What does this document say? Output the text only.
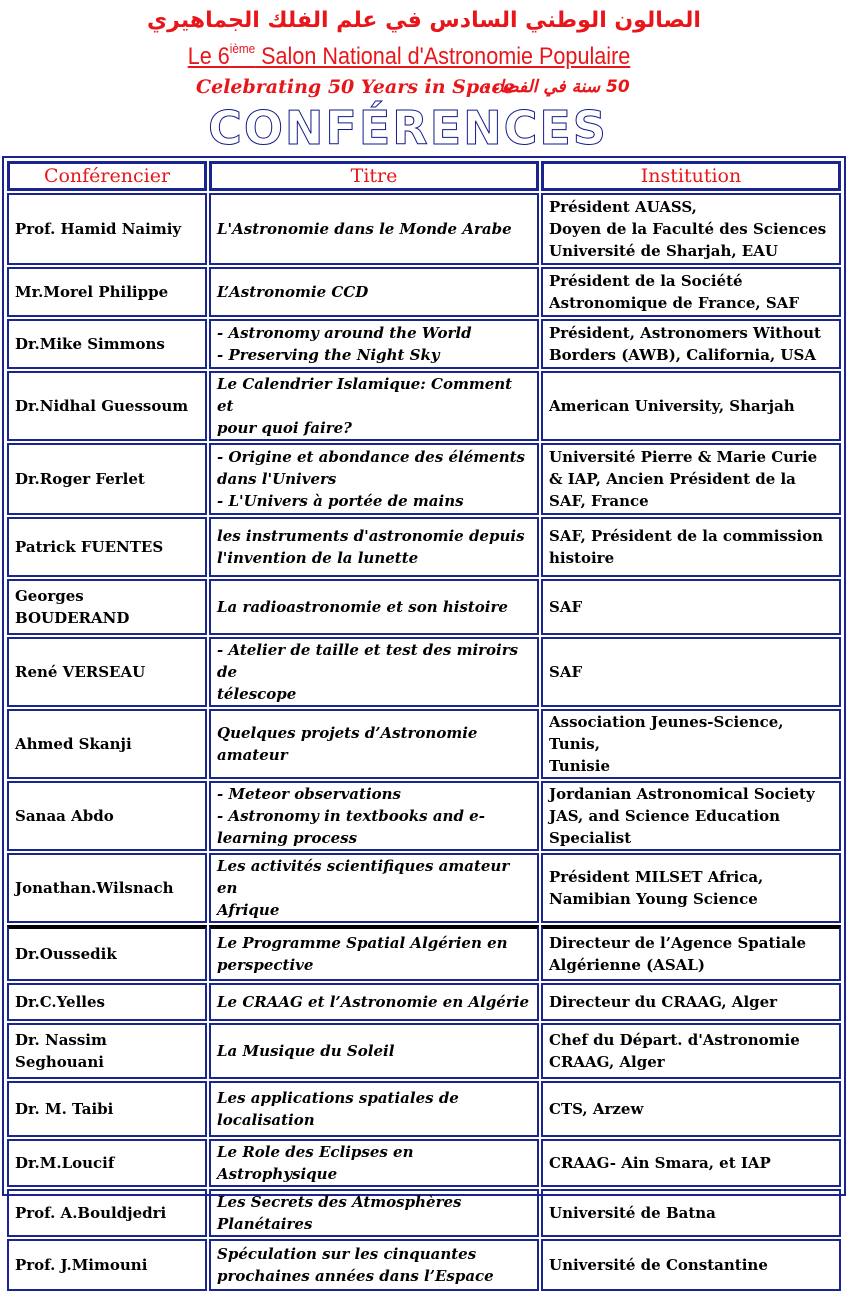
الصالون الوطني السادس في علم الفلك الجماهيري
Le 6ième Salon National d'Astronomie Populaire
Celebrating 50 Years in Space
50 سنة في الفضاء-
CONFÉRENCES
Conférencier	Titre	Institution
Prof. Hamid Naimiy	L'Astronomie dans le Monde Arabe	Président AUASS,
Doyen de la Faculté des Sciences
Université de Sharjah, EAU
Mr.Morel Philippe	L’Astronomie CCD	Président de la Société
Astronomique de France, SAF
Dr.Mike Simmons	- Astronomy around the World
- Preserving the Night Sky	Président, Astronomers Without
Borders (AWB), California, USA
Dr.Nidhal Guessoum	Le Calendrier Islamique: Comment et
pour quoi faire?	American University, Sharjah
Dr.Roger Ferlet	- Origine et abondance des éléments
dans l'Univers
- L'Univers à portée de mains	Université Pierre & Marie Curie
& IAP, Ancien Président de la
SAF, France
Patrick FUENTES	les instruments d'astronomie depuis
l'invention de la lunette	SAF, Président de la commission
histoire
Georges
BOUDERAND	La radioastronomie et son histoire	SAF
René VERSEAU	- Atelier de taille et test des miroirs de
télescope	SAF
Ahmed Skanji	Quelques projets d’Astronomie
amateur	Association Jeunes-Science, Tunis,
Tunisie
Sanaa Abdo	- Meteor observations
- Astronomy in textbooks and e-
learning process	Jordanian Astronomical Society
JAS, and Science Education
Specialist
Jonathan.Wilsnach	Les activités scientifiques amateur en
Afrique	Président MILSET Africa,
Namibian Young Science
Dr.Oussedik	Le Programme Spatial Algérien en
perspective	Directeur de l’Agence Spatiale
Algérienne (ASAL)
Dr.C.Yelles	Le CRAAG et l’Astronomie en Algérie	Directeur du CRAAG, Alger
Dr. Nassim Seghouani	La Musique du Soleil	Chef du Départ. d'Astronomie
CRAAG, Alger
Dr. M. Taibi	Les applications spatiales de
localisation	CTS, Arzew
Dr.M.Loucif	Le Role des Eclipses en Astrophysique	CRAAG- Ain Smara, et IAP
Prof. A.Bouldjedri	Les Secrets des Atmosphères Planétaires	Université de Batna
Prof. J.Mimouni	Spéculation sur les cinquantes
prochaines années dans l’Espace	Université de Constantine
